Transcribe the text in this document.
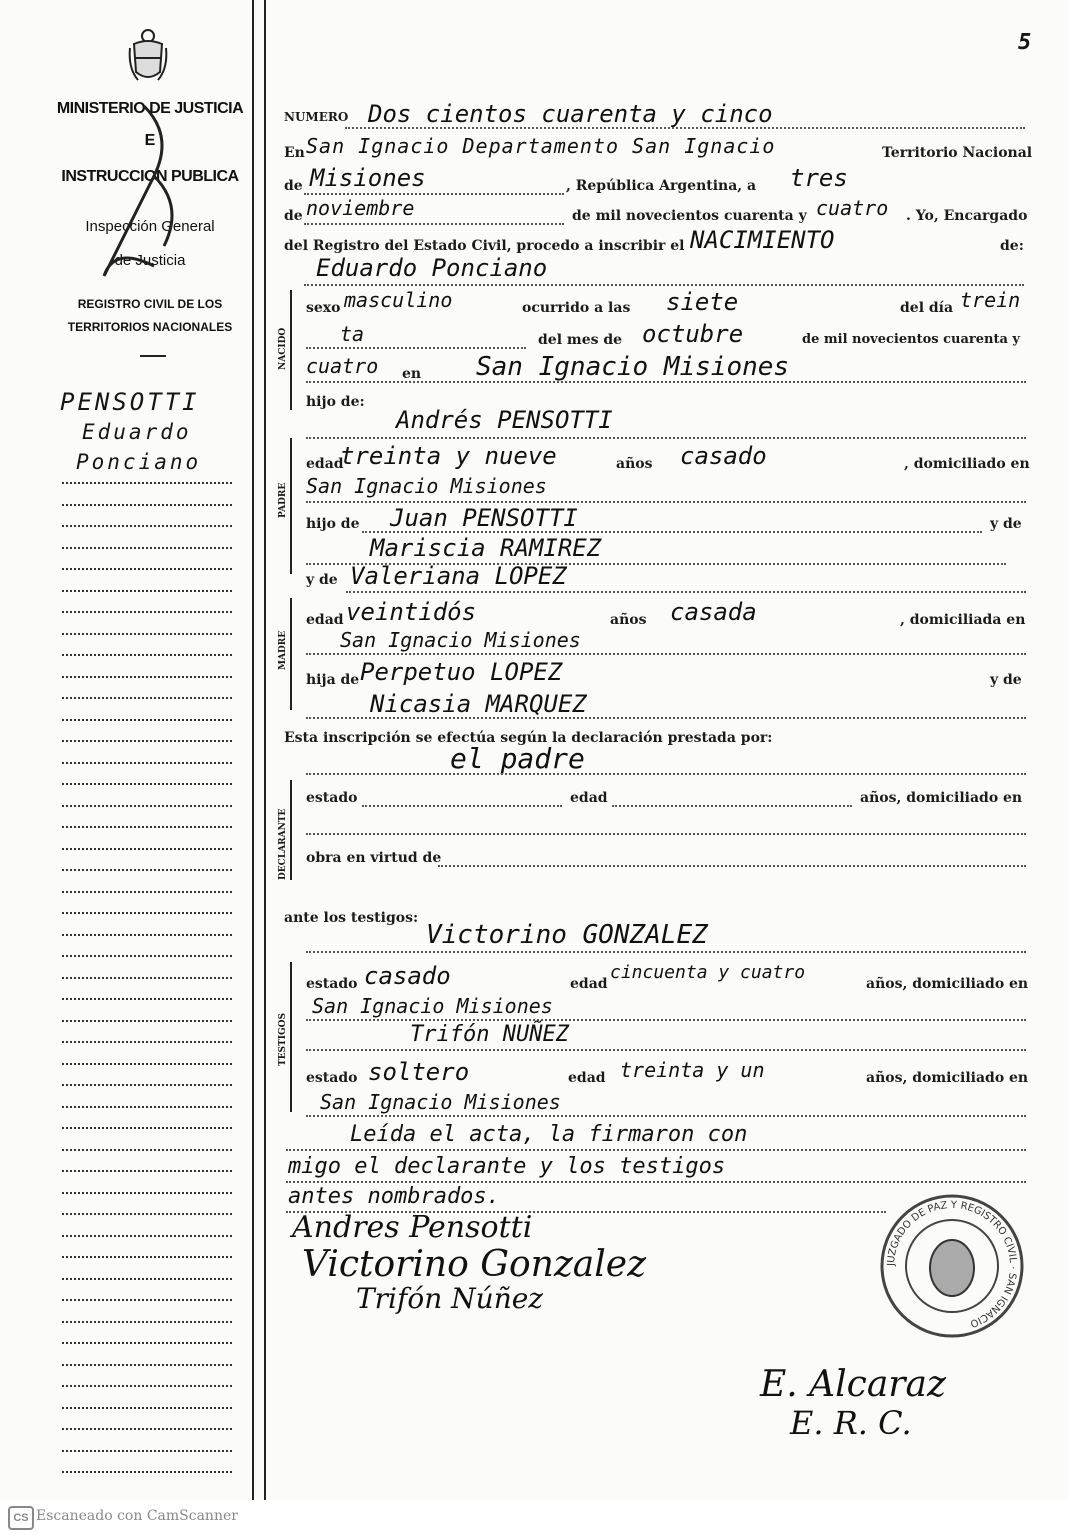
5
MINISTERIO DE JUSTICIA
E
INSTRUCCION PUBLICA
Inspección General
de Justicia
REGISTRO CIVIL DE LOS
TERRITORIOS NACIONALES
PENSOTTI
Eduardo
Ponciano
NUMERO Dos cientos cuarenta y cinco
En San Ignacio Departamento San Ignacio	Territorio Nacional
de Misiones	, República Argentina, a tres
de noviembre	de mil novecientos cuarenta y cuatro . Yo, Encargado
del Registro del Estado Civil, procedo a inscribir el NACIMIENTO	de:
Eduardo Ponciano
NACIDO
sexo masculino	ocurrido a las siete	del día trein
ta	del mes de octubre	de mil novecientos cuarenta y
cuatro en San Ignacio Misiones
hijo de:
PADRE
Andrés PENSOTTI
edad
treinta y nueve	años casado	, domiciliado en
San Ignacio Misiones
hijo de Juan PENSOTTI	y de
Mariscia RAMIREZ
MADRE
y de Valeriana LOPEZ
edad veintidós	años casada	, domiciliada en
San Ignacio Misiones
hija de Perpetuo LOPEZ	y de
Nicasia MARQUEZ
Esta inscripción se efectúa según la declaración prestada por:
el padre
DECLARANTE
estado	edad	años, domiciliado en
obra en virtud de
ante los testigos:
Victorino GONZALEZ
TESTIGOS
estado casado	edad
cincuenta y cuatro
años, domiciliado en
San Ignacio Misiones
Trifón NUÑEZ
estado soltero	edad treinta y un	años, domiciliado en
San Ignacio Misiones
Leída el acta, la firmaron con
migo el declarante y los testigos
antes nombrados.
Andres Pensotti
Victorino Gonzalez
Trifón Núñez
E. Alcaraz
E. R. C.
JUZGADO DE PAZ Y REGISTRO CIVIL · SAN IGNACIO
CS Escaneado con CamScanner
